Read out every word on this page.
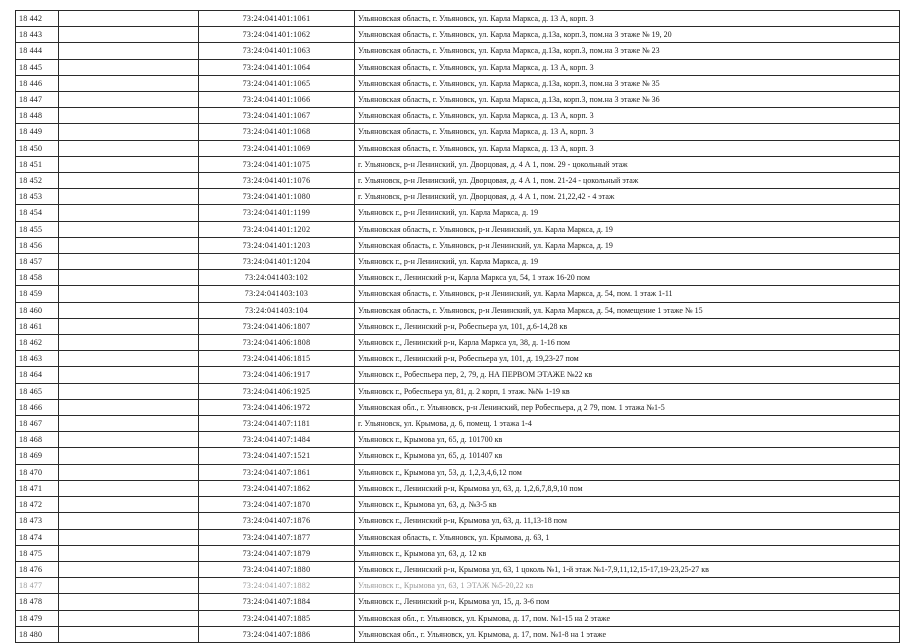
18 442		73:24:041401:1061	Ульяновская область, г. Ульяновск, ул. Карла Маркса, д. 13 А, корп. 3
18 443		73:24:041401:1062	Ульяновская область, г. Ульяновск, ул. Карла Маркса, д.13а, корп.3, пом.на 3 этаже № 19, 20
18 444		73:24:041401:1063	Ульяновская область, г. Ульяновск, ул. Карла Маркса, д.13а, корп.3, пом.на 3 этаже № 23
18 445		73:24:041401:1064	Ульяновская область, г. Ульяновск, ул. Карла Маркса, д. 13 А, корп. 3
18 446		73:24:041401:1065	Ульяновская область, г. Ульяновск, ул. Карла Маркса, д.13а, корп.3, пом.на 3 этаже № 35
18 447		73:24:041401:1066	Ульяновская область, г. Ульяновск, ул. Карла Маркса, д.13а, корп.3, пом.на 3 этаже № 36
18 448		73:24:041401:1067	Ульяновская область, г. Ульяновск, ул. Карла Маркса, д. 13 А, корп. 3
18 449		73:24:041401:1068	Ульяновская область, г. Ульяновск, ул. Карла Маркса, д. 13 А, корп. 3
18 450		73:24:041401:1069	Ульяновская область, г. Ульяновск, ул. Карла Маркса, д. 13 А, корп. 3
18 451		73:24:041401:1075	г. Ульяновск, р-н Ленинский, ул. Дворцовая, д. 4 А 1, пом. 29 - цокольный этаж
18 452		73:24:041401:1076	г. Ульяновск, р-н Ленинский, ул. Дворцовая, д. 4 А 1, пом. 21-24 - цокольный этаж
18 453		73:24:041401:1080	г. Ульяновск, р-н Ленинский, ул. Дворцовая, д. 4 А 1, пом. 21,22,42 - 4 этаж
18 454		73:24:041401:1199	Ульяновск г., р-н Ленинский, ул. Карла Маркса, д. 19
18 455		73:24:041401:1202	Ульяновская область, г. Ульяновск, р-н Ленинский, ул. Карла Маркса, д. 19
18 456		73:24:041401:1203	Ульяновская область, г. Ульяновск, р-н Ленинский, ул. Карла Маркса, д. 19
18 457		73:24:041401:1204	Ульяновск г., р-н Ленинский, ул. Карла Маркса, д. 19
18 458		73:24:041403:102	Ульяновск г., Ленинский р-н, Карла Маркса ул, 54, 1 этаж 16-20 пом
18 459		73:24:041403:103	Ульяновская область, г. Ульяновск, р-н Ленинский, ул. Карла Маркса, д. 54, пом. 1 этаж 1-11
18 460		73:24:041403:104	Ульяновская область, г. Ульяновск, р-н Ленинский, ул. Карла Маркса, д. 54, помещение 1 этаже № 15
18 461		73:24:041406:1807	Ульяновск г., Ленинский р-н, Робеспьера ул, 101, д.6-14,28 кв
18 462		73:24:041406:1808	Ульяновск г., Ленинский р-н, Карла Маркса ул, 38, д. 1-16 пом
18 463		73:24:041406:1815	Ульяновск г., Ленинский р-н, Робеспьера ул, 101, д. 19,23-27 пом
18 464		73:24:041406:1917	Ульяновск г., Робеспьера пер, 2, 79, д. НА ПЕРВОМ ЭТАЖЕ №22 кв
18 465		73:24:041406:1925	Ульяновск г., Робеспьера ул, 81, д. 2 корп, 1 этаж. №№ 1-19 кв
18 466		73:24:041406:1972	Ульяновская обл., г. Ульяновск, р-н Ленинский, пер Робеспьера, д 2 79, пом. 1 этажа №1-5
18 467		73:24:041407:1181	г. Ульяновск, ул. Крымова, д. 6, помещ. 1 этажа 1-4
18 468		73:24:041407:1484	Ульяновск г., Крымова ул, 65, д. 101700 кв
18 469		73:24:041407:1521	Ульяновск г., Крымова ул, 65, д. 101407 кв
18 470		73:24:041407:1861	Ульяновск г., Крымова ул, 53, д. 1,2,3,4,6,12 пом
18 471		73:24:041407:1862	Ульяновск г., Ленинский р-н, Крымова ул, 63, д. 1,2,6,7,8,9,10 пом
18 472		73:24:041407:1870	Ульяновск г., Крымова ул, 63, д. №3-5 кв
18 473		73:24:041407:1876	Ульяновск г., Ленинский р-н, Крымова ул, 63, д. 11,13-18 пом
18 474		73:24:041407:1877	Ульяновская область, г. Ульяновск, ул. Крымова, д. 63, 1
18 475		73:24:041407:1879	Ульяновск г., Крымова ул, 63, д. 12 кв
18 476		73:24:041407:1880	Ульяновск г., Ленинский р-н, Крымова ул, 63, 1 цоколь №1, 1-й этаж №1-7,9,11,12,15-17,19-23,25-27 кв
18 477		73:24:041407:1882	Ульяновск г., Крымова ул, 63, 1 ЭТАЖ №5-20,22 кв
18 478		73:24:041407:1884	Ульяновск г., Ленинский р-н, Крымова ул, 15, д. 3-6 пом
18 479		73:24:041407:1885	Ульяновская обл., г. Ульяновск, ул. Крымова, д. 17, пом. №1-15 на 2 этаже
18 480		73:24:041407:1886	Ульяновская обл., г. Ульяновск, ул. Крымова, д. 17, пом. №1-8 на 1 этаже
